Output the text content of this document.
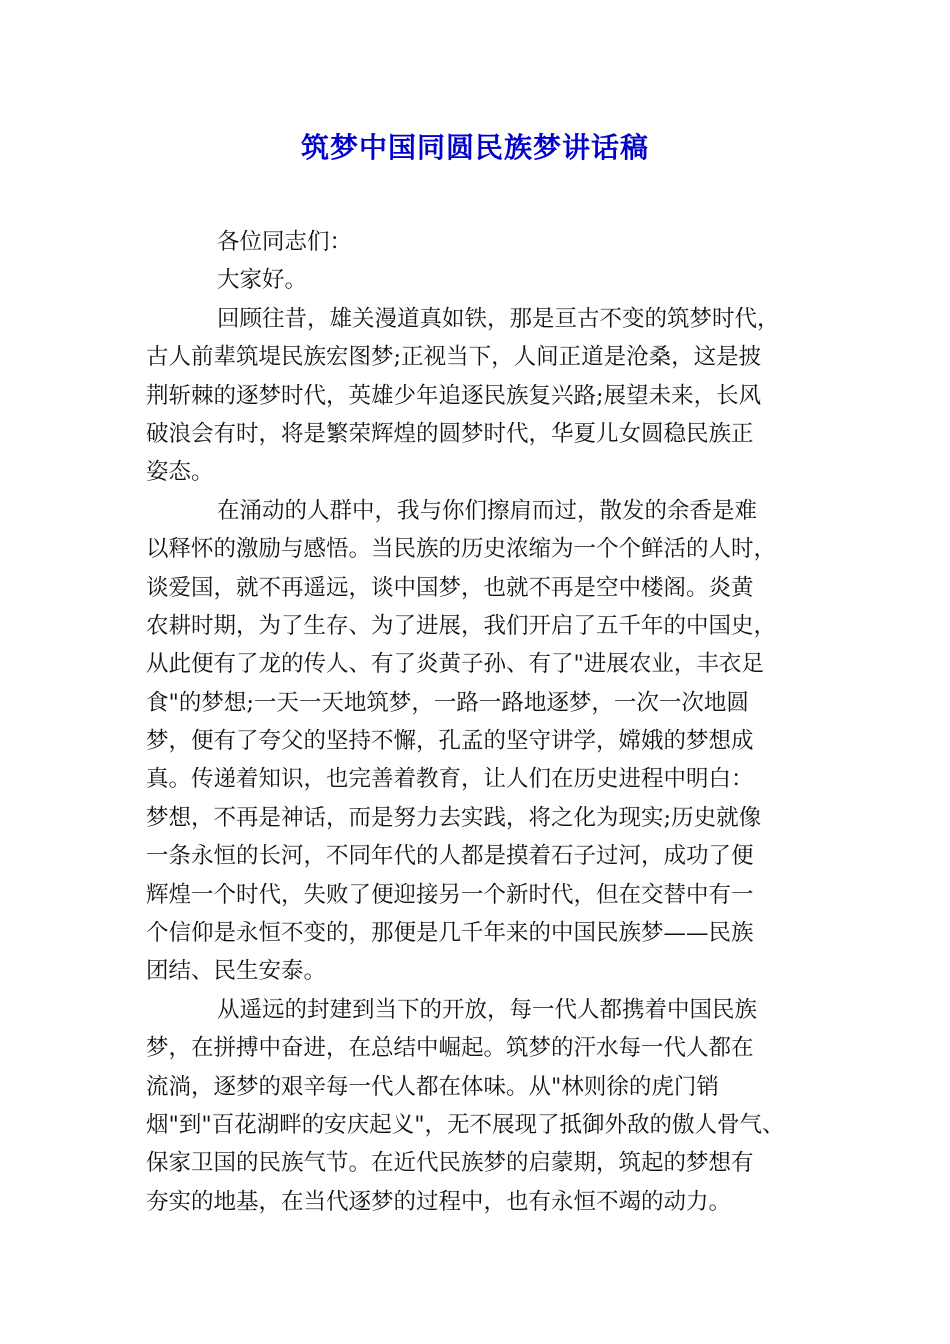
筑梦中国同圆民族梦讲话稿

各位同志们：

大家好。

回顾往昔，雄关漫道真如铁，那是亘古不变的筑梦时代，

古人前辈筑堤民族宏图梦;正视当下，人间正道是沧桑，这是披

荆斩棘的逐梦时代，英雄少年追逐民族复兴路;展望未来，长风

破浪会有时，将是繁荣辉煌的圆梦时代，华夏儿女圆稳民族正

姿态。

在涌动的人群中，我与你们擦肩而过，散发的余香是难

以释怀的激励与感悟。当民族的历史浓缩为一个个鲜活的人时，

谈爱国，就不再遥远，谈中国梦，也就不再是空中楼阁。炎黄

农耕时期，为了生存、为了进展，我们开启了五千年的中国史，

从此便有了龙的传人、有了炎黄子孙、有了"进展农业，丰衣足

食"的梦想;一天一天地筑梦，一路一路地逐梦，一次一次地圆

梦，便有了夸父的坚持不懈，孔孟的坚守讲学，嫦娥的梦想成

真。传递着知识，也完善着教育，让人们在历史进程中明白：

梦想，不再是神话，而是努力去实践，将之化为现实;历史就像

一条永恒的长河，不同年代的人都是摸着石子过河，成功了便

辉煌一个时代，失败了便迎接另一个新时代，但在交替中有一

个信仰是永恒不变的，那便是几千年来的中国民族梦——民族

团结、民生安泰。

从遥远的封建到当下的开放，每一代人都携着中国民族

梦，在拼搏中奋进，在总结中崛起。筑梦的汗水每一代人都在

流淌，逐梦的艰辛每一代人都在体味。从"林则徐的虎门销

烟"到"百花湖畔的安庆起义"，无不展现了抵御外敌的傲人骨气、

保家卫国的民族气节。在近代民族梦的启蒙期，筑起的梦想有

夯实的地基，在当代逐梦的过程中，也有永恒不竭的动力。
